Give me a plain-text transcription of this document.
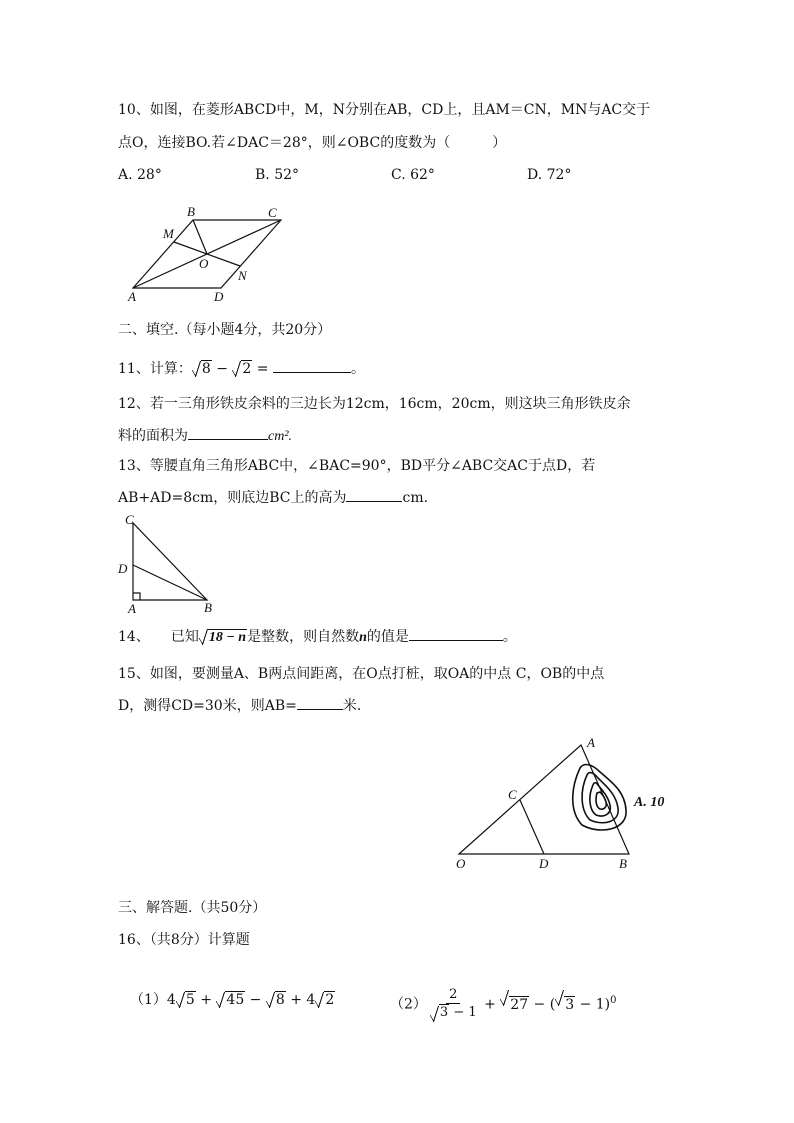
10、如图，在菱形ABCD中，M，N分别在AB，CD上，且AM＝CN，MN与AC交于
点O，连接BO.若∠DAC＝28°，则∠OBC的度数为（　　　）
A. 28°	B. 52°	C. 62°	D. 72°
A
B	C
D
M
N
O
二、填空.（每小题4分，共20分）
11、计算： 8 − 2 =	。
12、若一三角形铁皮余料的三边长为12cm，16cm，20cm，则这块三角形铁皮余
料的面积为	cm².
13、等腰直角三角形ABC中，∠BAC=90°，BD平分∠ABC交AC于点D，若
AB+AD=8cm，则底边BC上的高为	cm.
C
D
A	B
14、　　已知 18 − n是整数，则自然数n的值是	。
15、如图，要测量A、B两点间距离，在O点打桩，取OA的中点 C，OB的中点
D，测得CD=30米，则AB=	米.
A
C
O	D	B
A. 10
三、解答题.（共50分）
16、（共8分）计算题
（1）4 5 + 45 − 8 + 4 2	$(2) \frac{2}{3 - 1} + 27$ − ( 3 − 1)$^0$
